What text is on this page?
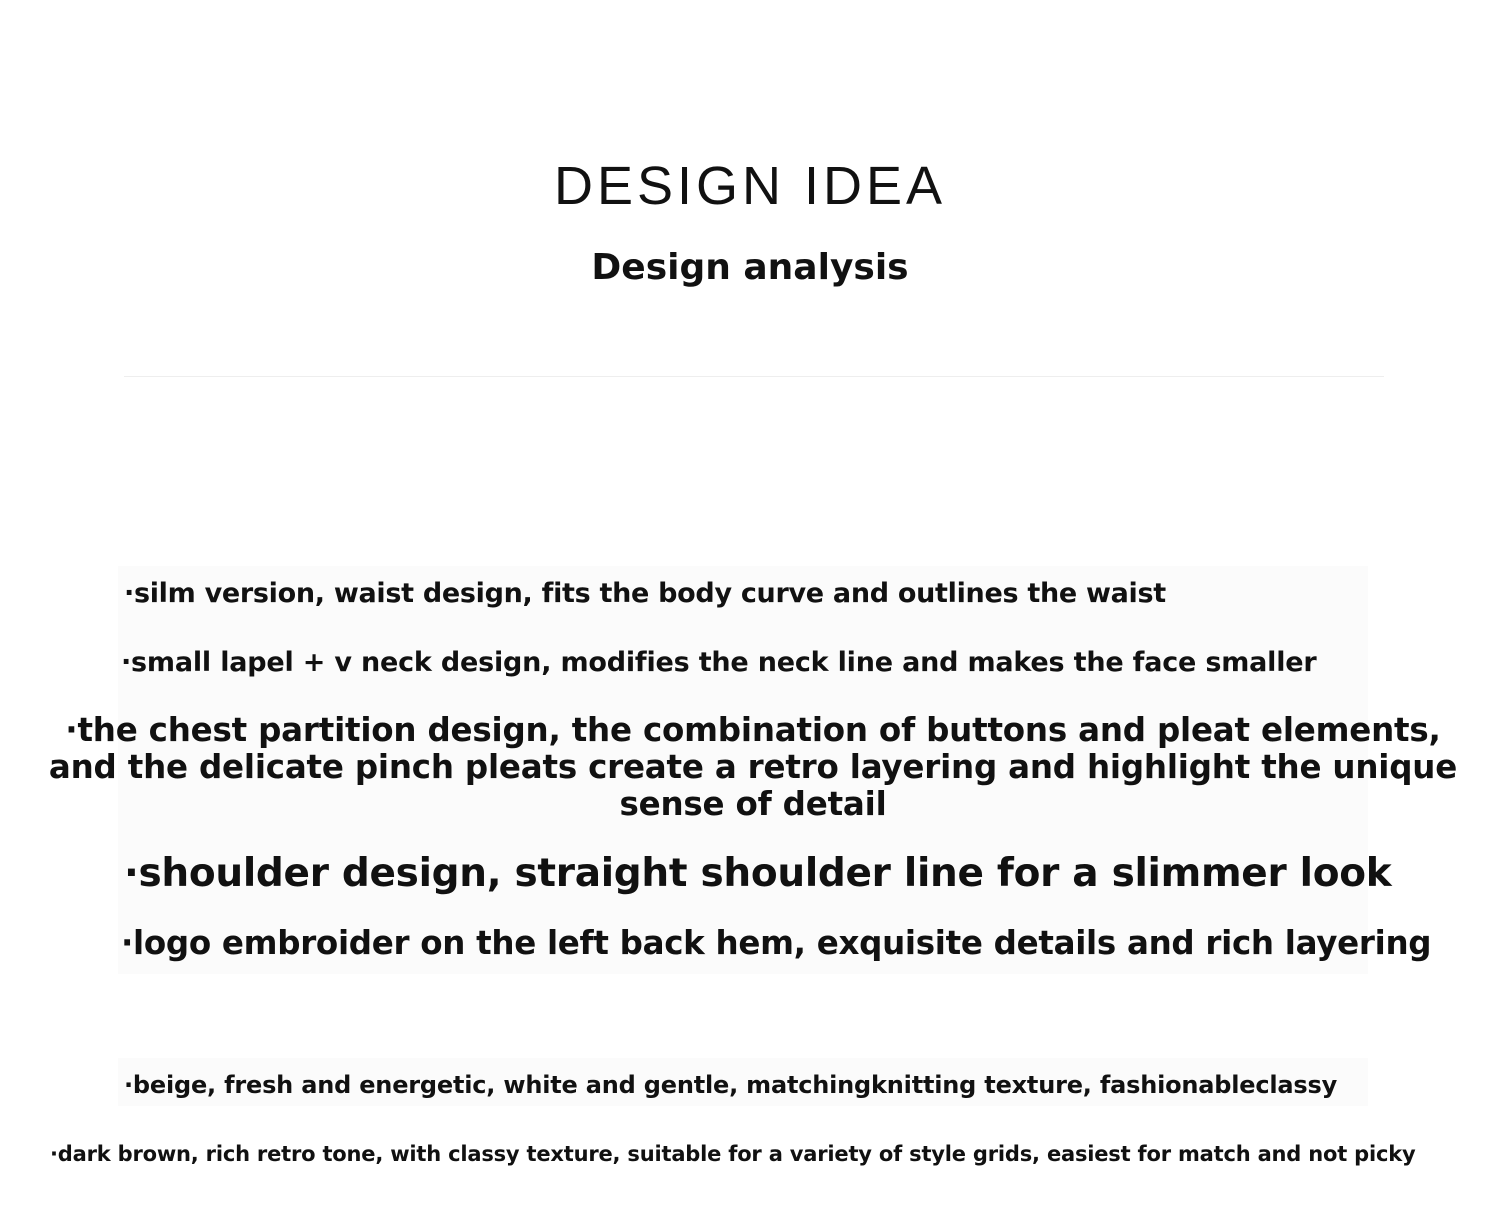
DESIGN IDEA
Design analysis
·silm version, waist design, fits the body curve and outlines the waist
·small lapel + v neck design, modifies the neck line and makes the face smaller
·the chest partition design, the combination of buttons and pleat elements, and the delicate pinch pleats create a retro layering and highlight the unique sense of detail
·shoulder design, straight shoulder line for a slimmer look
·logo embroider on the left back hem, exquisite details and rich layering
·beige, fresh and energetic, white and gentle, matchingknitting texture, fashionableclassy
·dark brown, rich retro tone, with classy texture, suitable for a variety of style grids, easiest for match and not picky
